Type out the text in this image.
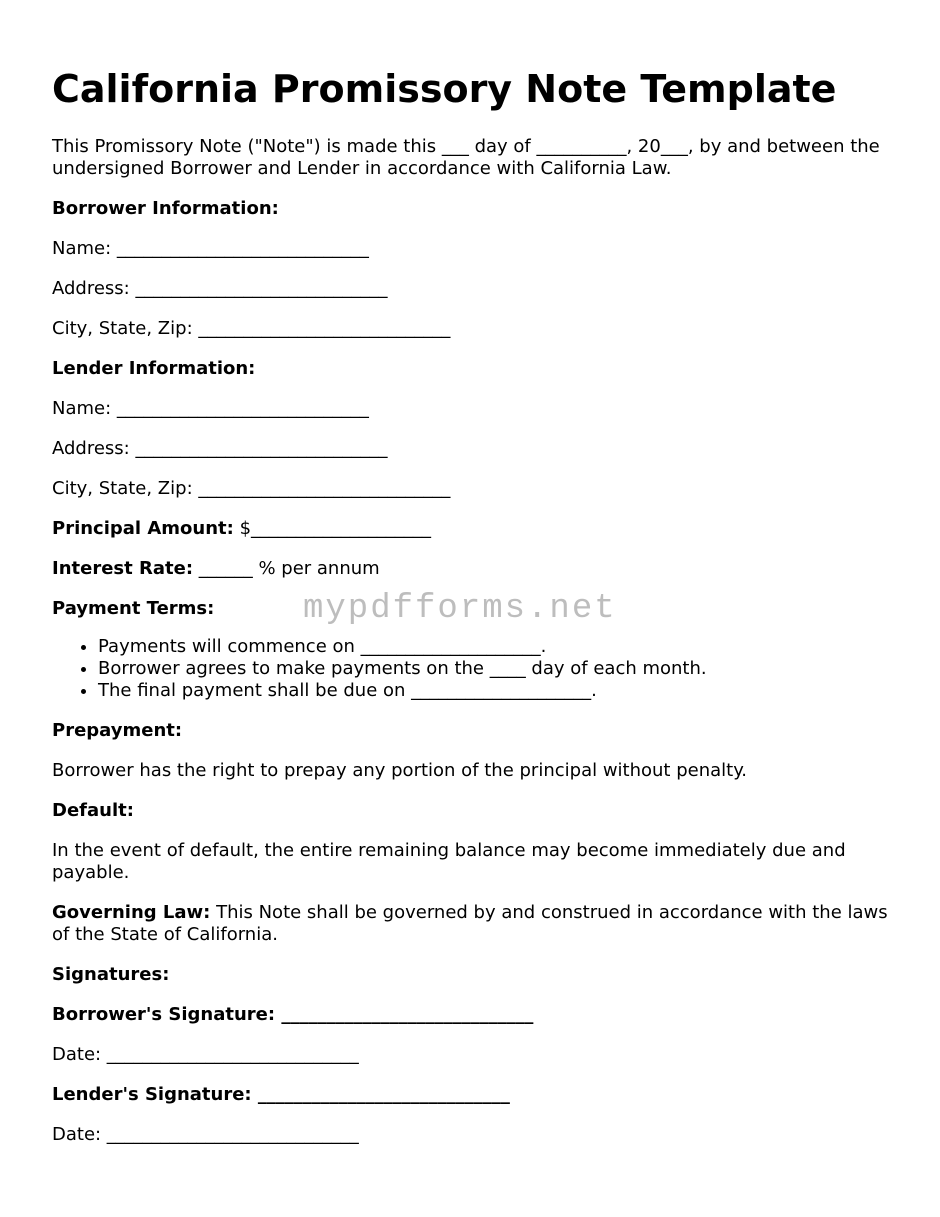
California Promissory Note Template

This Promissory Note ("Note") is made this ___ day of __________, 20___, by and between the undersigned Borrower and Lender in accordance with California Law.

Borrower Information:

Name: ____________________________

Address: ____________________________

City, State, Zip: ____________________________

Lender Information:

Name: ____________________________

Address: ____________________________

City, State, Zip: ____________________________

Principal Amount: $____________________

Interest Rate: ______ % per annum

Payment Terms:

• Payments will commence on ____________________.
• Borrower agrees to make payments on the ____ day of each month.
• The final payment shall be due on ____________________.

Prepayment:

Borrower has the right to prepay any portion of the principal without penalty.

Default:

In the event of default, the entire remaining balance may become immediately due and payable.

Governing Law: This Note shall be governed by and construed in accordance with the laws of the State of California.

Signatures:

Borrower's Signature: ____________________________

Date: ____________________________

Lender's Signature: ____________________________

Date: ____________________________

mypdfforms.net
